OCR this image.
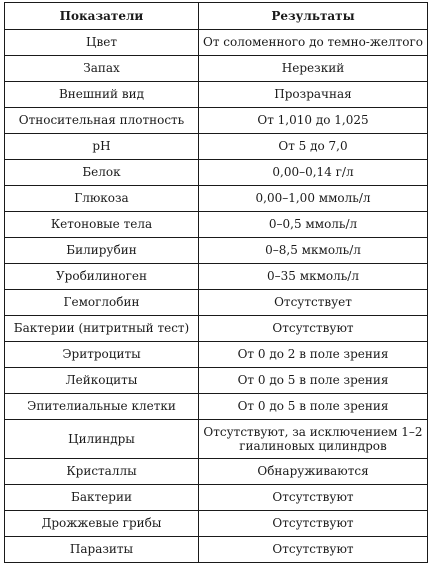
Показатели	Результаты
Цвет	От соломенного до темно-желтого
Запах	Нерезкий
Внешний вид	Прозрачная
Относительная плотность	От 1,010 до 1,025
pH	От 5 до 7,0
Белок	0,00–0,14 г/л
Глюкоза	0,00–1,00 ммоль/л
Кетоновые тела	0–0,5 ммоль/л
Билирубин	0–8,5 мкмоль/л
Уробилиноген	0–35 мкмоль/л
Гемоглобин	Отсутствует
Бактерии (нитритный тест)	Отсутствуют
Эритроциты	От 0 до 2 в поле зрения
Лейкоциты	От 0 до 5 в поле зрения
Эпителиальные клетки	От 0 до 5 в поле зрения
Цилиндры	Отсутствуют, за исключением 1–2 гиалиновых цилиндров
Кристаллы	Обнаруживаются
Бактерии	Отсутствуют
Дрожжевые грибы	Отсутствуют
Паразиты	Отсутствуют
